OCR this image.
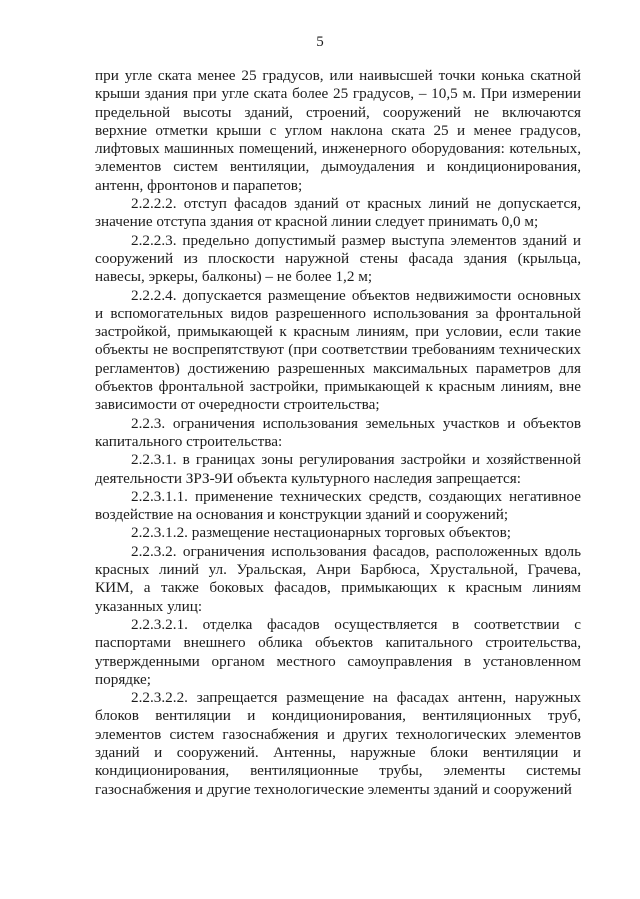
5

при угле ската менее 25 градусов, или наивысшей точки конька скатной крыши здания при угле ската более 25 градусов, – 10,5 м. При измерении предельной высоты зданий, строений, сооружений не включаются верхние отметки крыши с углом наклона ската 25 и менее градусов, лифтовых машинных помещений, инженерного оборудования: котельных, элементов систем вентиляции, дымоудаления и кондиционирования, антенн, фронтонов и парапетов;

2.2.2.2. отступ фасадов зданий от красных линий не допускается, значение отступа здания от красной линии следует принимать 0,0 м;

2.2.2.3. предельно допустимый размер выступа элементов зданий и сооружений из плоскости наружной стены фасада здания (крыльца, навесы, эркеры, балконы) – не более 1,2 м;

2.2.2.4. допускается размещение объектов недвижимости основных и вспомогательных видов разрешенного использования за фронтальной застройкой, примыкающей к красным линиям, при условии, если такие объекты не воспрепятствуют (при соответствии требованиям технических регламентов) достижению разрешенных максимальных параметров для объектов фронтальной застройки, примыкающей к красным линиям, вне зависимости от очередности строительства;

2.2.3. ограничения использования земельных участков и объектов капитального строительства:

2.2.3.1. в границах зоны регулирования застройки и хозяйственной деятельности ЗРЗ-9И объекта культурного наследия запрещается:

2.2.3.1.1. применение технических средств, создающих негативное воздействие на основания и конструкции зданий и сооружений;

2.2.3.1.2. размещение нестационарных торговых объектов;

2.2.3.2. ограничения использования фасадов, расположенных вдоль красных линий ул. Уральская, Анри Барбюса, Хрустальной, Грачева, КИМ, а также боковых фасадов, примыкающих к красным линиям указанных улиц:

2.2.3.2.1. отделка фасадов осуществляется в соответствии с паспортами внешнего облика объектов капитального строительства, утвержденными органом местного самоуправления в установленном порядке;

2.2.3.2.2. запрещается размещение на фасадах антенн, наружных блоков вентиляции и кондиционирования, вентиляционных труб, элементов систем газоснабжения и других технологических элементов зданий и сооружений. Антенны, наружные блоки вентиляции и кондиционирования, вентиляционные трубы, элементы системы газоснабжения и другие технологические элементы зданий и сооружений
